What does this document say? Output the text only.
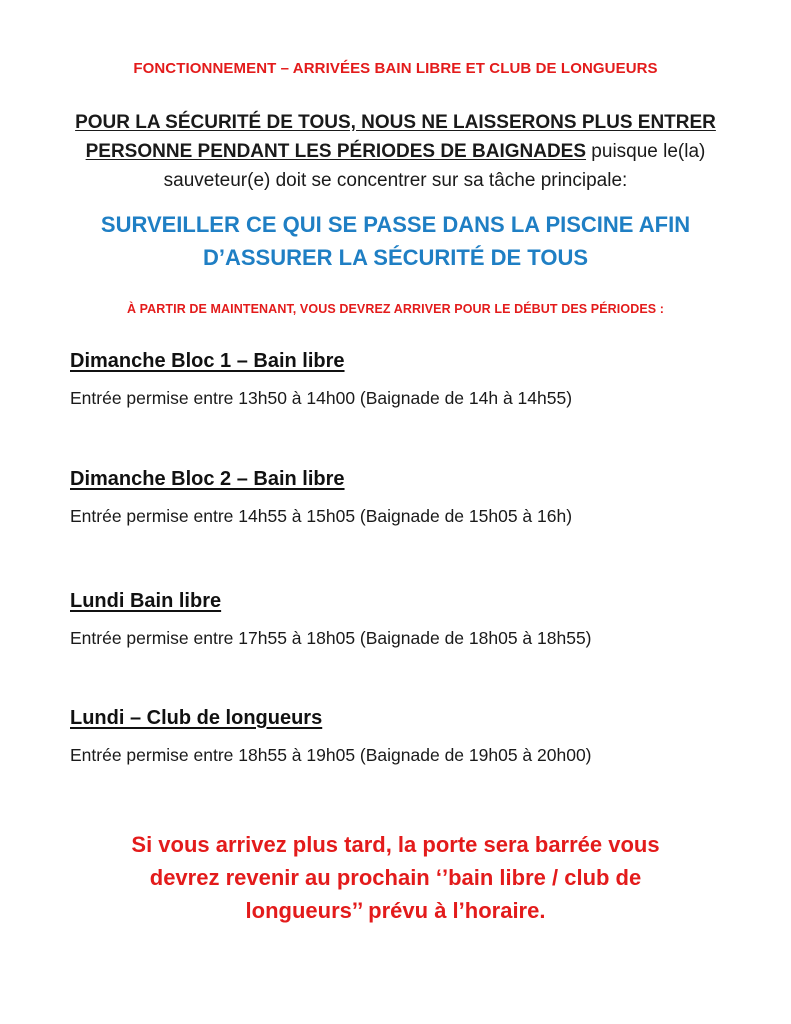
FONCTIONNEMENT – ARRIVÉES BAIN LIBRE ET CLUB DE LONGUEURS
POUR LA SÉCURITÉ DE TOUS, NOUS NE LAISSERONS PLUS ENTRER
PERSONNE PENDANT LES PÉRIODES DE BAIGNADES puisque le(la)
sauveteur(e) doit se concentrer sur sa tâche principale:
SURVEILLER CE QUI SE PASSE DANS LA PISCINE AFIN
D’ASSURER LA SÉCURITÉ DE TOUS
À PARTIR DE MAINTENANT, VOUS DEVREZ ARRIVER POUR LE DÉBUT DES PÉRIODES :
Dimanche Bloc 1 – Bain libre
Entrée permise entre 13h50 à 14h00 (Baignade de 14h à 14h55)
Dimanche Bloc 2 – Bain libre
Entrée permise entre 14h55 à 15h05 (Baignade de 15h05 à 16h)
Lundi Bain libre
Entrée permise entre 17h55 à 18h05 (Baignade de 18h05 à 18h55)
Lundi – Club de longueurs
Entrée permise entre 18h55 à 19h05 (Baignade de 19h05 à 20h00)
Si vous arrivez plus tard, la porte sera barrée vous
devrez revenir au prochain ‘’bain libre / club de
longueurs’’ prévu à l’horaire.
